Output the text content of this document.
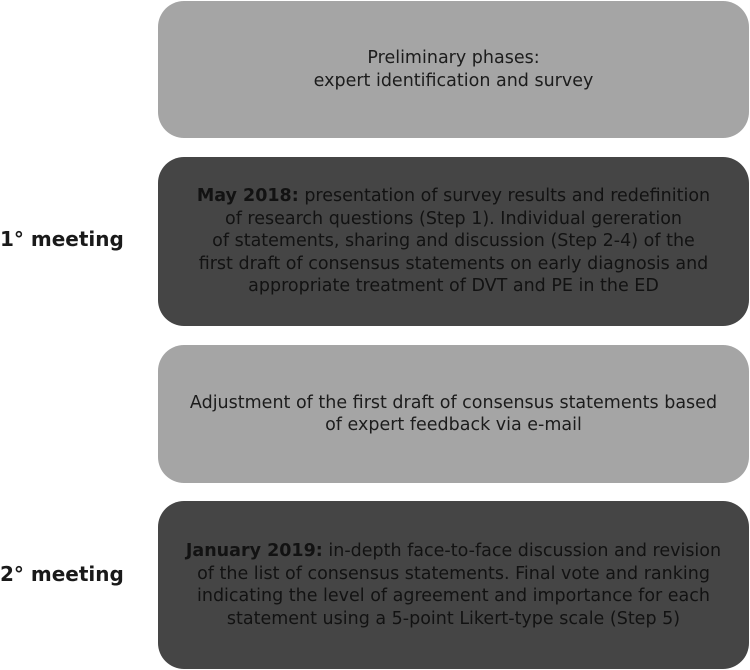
Preliminary phases:
expert identification and survey

1° meeting

May 2018: presentation of survey results and redefinition
of research questions (Step 1). Individual gereration
of statements, sharing and discussion (Step 2-4) of the
first draft of consensus statements on early diagnosis and
appropriate treatment of DVT and PE in the ED

Adjustment of the first draft of consensus statements based
of expert feedback via e-mail

2° meeting

January 2019: in-depth face-to-face discussion and revision
of the list of consensus statements. Final vote and ranking
indicating the level of agreement and importance for each
statement using a 5-point Likert-type scale (Step 5)
